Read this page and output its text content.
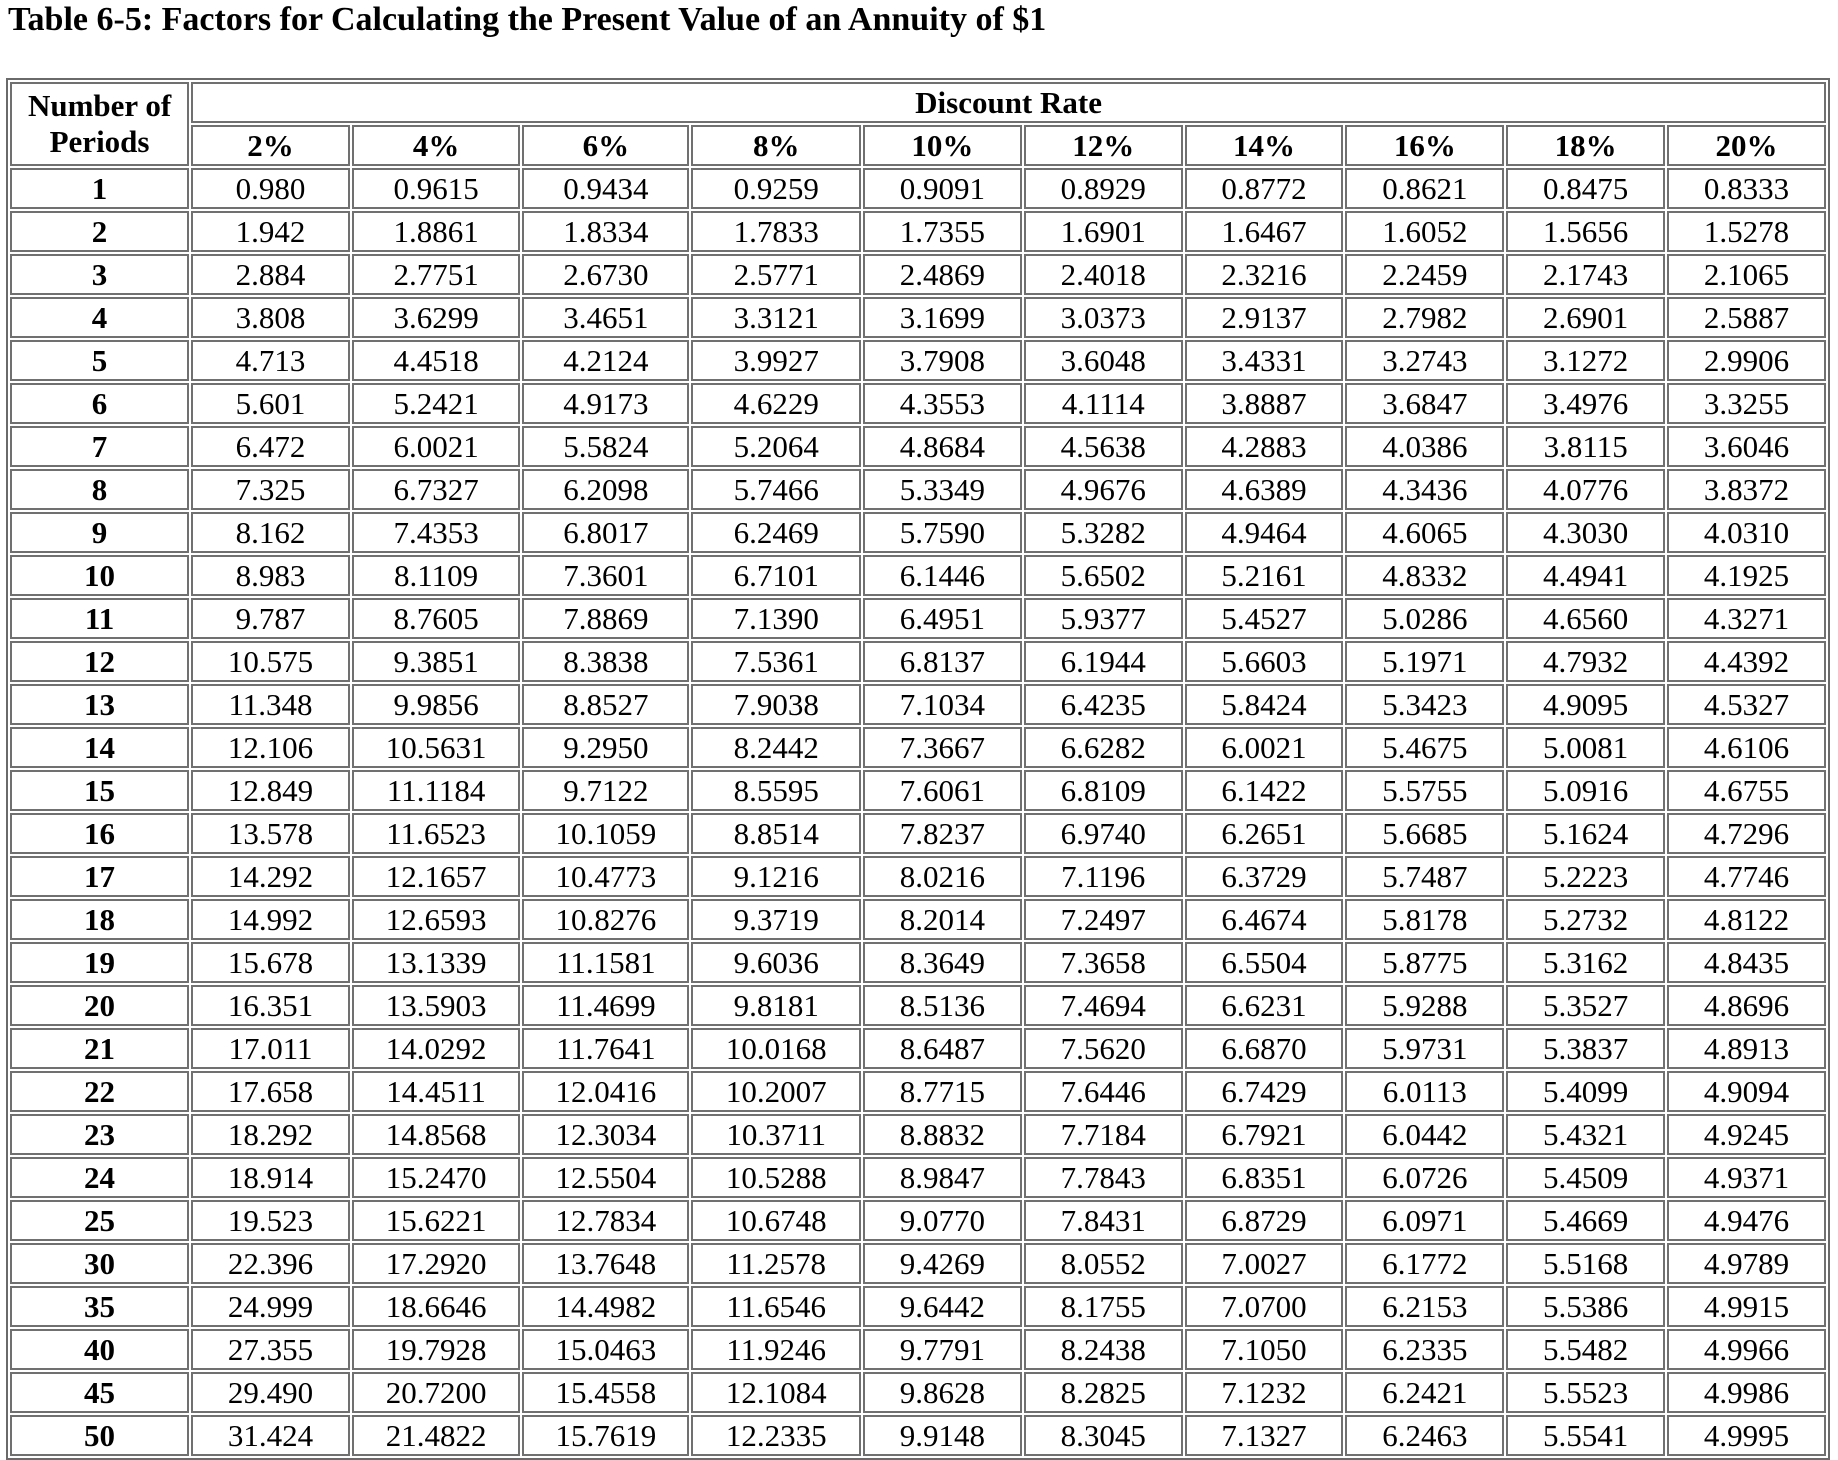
Table 6-5: Factors for Calculating the Present Value of an Annuity of $1
Number of
Periods	Discount Rate									
	2%	4%	6%	8%	10%	12%	14%	16%	18%	20%
1	0.980	0.9615	0.9434	0.9259	0.9091	0.8929	0.8772	0.8621	0.8475	0.8333
2	1.942	1.8861	1.8334	1.7833	1.7355	1.6901	1.6467	1.6052	1.5656	1.5278
3	2.884	2.7751	2.6730	2.5771	2.4869	2.4018	2.3216	2.2459	2.1743	2.1065
4	3.808	3.6299	3.4651	3.3121	3.1699	3.0373	2.9137	2.7982	2.6901	2.5887
5	4.713	4.4518	4.2124	3.9927	3.7908	3.6048	3.4331	3.2743	3.1272	2.9906
6	5.601	5.2421	4.9173	4.6229	4.3553	4.1114	3.8887	3.6847	3.4976	3.3255
7	6.472	6.0021	5.5824	5.2064	4.8684	4.5638	4.2883	4.0386	3.8115	3.6046
8	7.325	6.7327	6.2098	5.7466	5.3349	4.9676	4.6389	4.3436	4.0776	3.8372
9	8.162	7.4353	6.8017	6.2469	5.7590	5.3282	4.9464	4.6065	4.3030	4.0310
10	8.983	8.1109	7.3601	6.7101	6.1446	5.6502	5.2161	4.8332	4.4941	4.1925
11	9.787	8.7605	7.8869	7.1390	6.4951	5.9377	5.4527	5.0286	4.6560	4.3271
12	10.575	9.3851	8.3838	7.5361	6.8137	6.1944	5.6603	5.1971	4.7932	4.4392
13	11.348	9.9856	8.8527	7.9038	7.1034	6.4235	5.8424	5.3423	4.9095	4.5327
14	12.106	10.5631	9.2950	8.2442	7.3667	6.6282	6.0021	5.4675	5.0081	4.6106
15	12.849	11.1184	9.7122	8.5595	7.6061	6.8109	6.1422	5.5755	5.0916	4.6755
16	13.578	11.6523	10.1059	8.8514	7.8237	6.9740	6.2651	5.6685	5.1624	4.7296
17	14.292	12.1657	10.4773	9.1216	8.0216	7.1196	6.3729	5.7487	5.2223	4.7746
18	14.992	12.6593	10.8276	9.3719	8.2014	7.2497	6.4674	5.8178	5.2732	4.8122
19	15.678	13.1339	11.1581	9.6036	8.3649	7.3658	6.5504	5.8775	5.3162	4.8435
20	16.351	13.5903	11.4699	9.8181	8.5136	7.4694	6.6231	5.9288	5.3527	4.8696
21	17.011	14.0292	11.7641	10.0168	8.6487	7.5620	6.6870	5.9731	5.3837	4.8913
22	17.658	14.4511	12.0416	10.2007	8.7715	7.6446	6.7429	6.0113	5.4099	4.9094
23	18.292	14.8568	12.3034	10.3711	8.8832	7.7184	6.7921	6.0442	5.4321	4.9245
24	18.914	15.2470	12.5504	10.5288	8.9847	7.7843	6.8351	6.0726	5.4509	4.9371
25	19.523	15.6221	12.7834	10.6748	9.0770	7.8431	6.8729	6.0971	5.4669	4.9476
30	22.396	17.2920	13.7648	11.2578	9.4269	8.0552	7.0027	6.1772	5.5168	4.9789
35	24.999	18.6646	14.4982	11.6546	9.6442	8.1755	7.0700	6.2153	5.5386	4.9915
40	27.355	19.7928	15.0463	11.9246	9.7791	8.2438	7.1050	6.2335	5.5482	4.9966
45	29.490	20.7200	15.4558	12.1084	9.8628	8.2825	7.1232	6.2421	5.5523	4.9986
50	31.424	21.4822	15.7619	12.2335	9.9148	8.3045	7.1327	6.2463	5.5541	4.9995
